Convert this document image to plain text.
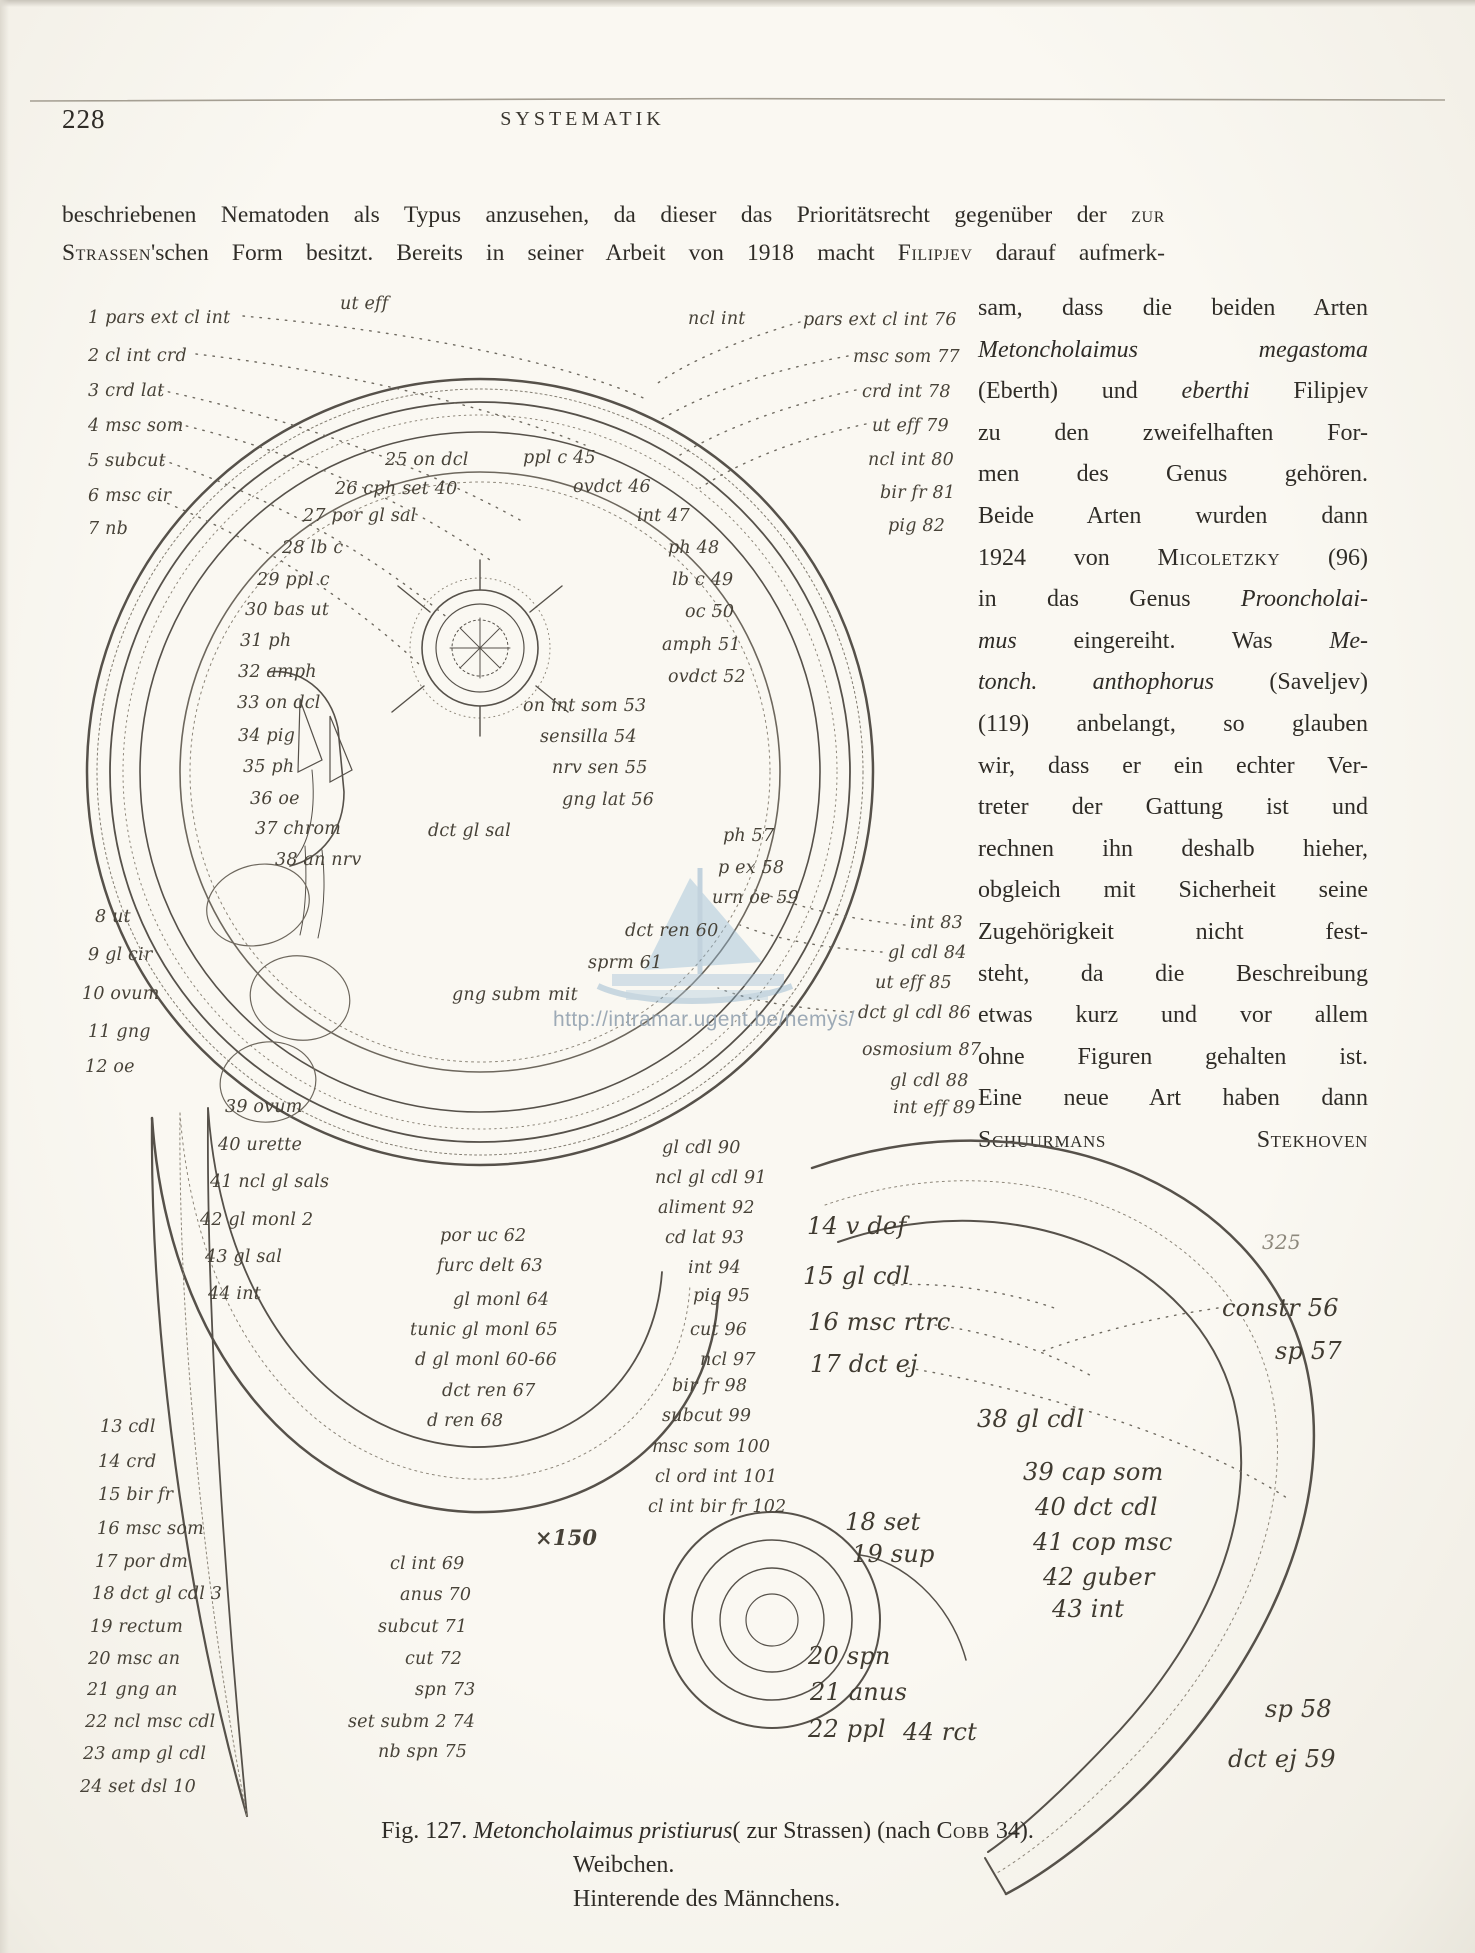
228	SYSTEMATIK
beschriebenen Nematoden als Typus anzusehen, da dieser das Prioritätsrecht gegenüber der zur
Strassen'schen Form besitzt. Bereits in seiner Arbeit von 1918 macht Filipjev darauf aufmerk-
sam, dass die beiden Arten
Metoncholaimus megastoma
(Eberth) und eberthi Filipjev
zu den zweifelhaften For-
men des Genus gehören.
Beide Arten wurden dann
1924 von Micoletzky (96)
in das Genus Prooncholai-
mus eingereiht. Was Me-
tonch. anthophorus (Saveljev)
(119) anbelangt, so glauben
wir, dass er ein echter Ver-
treter der Gattung ist und
rechnen ihn deshalb hieher,
obgleich mit Sicherheit seine
Zugehörigkeit nicht fest-
steht, da die Beschreibung
etwas kurz und vor allem
ohne Figuren gehalten ist.
Eine neue Art haben dann
Schuurmans Stekhoven
1 pars ext cl int
2 cl int crd
3 crd lat
4 msc som
5 subcut
6 msc cir
7 nb
ut eff
ncl int	pars ext cl int 76
msc som 77
crd int 78
ut eff 79
ncl int 80
bir fr 81
pig 82
25 on dcl
26 cph set 40
27 por gl sal
28 lb c
29 ppl c
30 bas ut
31 ph
32 amph
33 on dcl
34 pig
35 ph
36 oe
37 chrom
38 an nrv
ppl c 45
ovdct 46
int 47
ph 48
lb c 49
oc 50
amph 51
ovdct 52
on int som 53
sensilla 54
nrv sen 55
gng lat 56
dct gl sal	ph 57
p ex 58
urn oe 59
dct ren 60
sprm 61
gng subm mit
8 ut
9 gl cir
10 ovum
11 gng
12 oe
int 83
gl cdl 84
ut eff 85
dct gl cdl 86
osmosium 87
gl cdl 88
int eff 89
39 ovum
40 urette
41 ncl gl sals
42 gl monl 2
43 gl sal
44 int
gl cdl 90
ncl gl cdl 91
aliment 92
cd lat 93
int 94
pig 95
cut 96
ncl 97
bir fr 98
subcut 99
msc som 100
cl ord int 101
cl int bir fr 102
×150
por uc 62
furc delt 63
gl monl 64
tunic gl monl 65
d gl monl 60-66
dct ren 67
d ren 68
13 cdl
14 crd
15 bir fr
16 msc som
17 por dm
18 dct gl cdl 3
19 rectum
20 msc an
21 gng an
22 ncl msc cdl
23 amp gl cdl
24 set dsl 10
cl int 69
anus 70
subcut 71
cut 72
spn 73
set subm 2 74
nb spn 75
14 v def
15 gl cdl
16 msc rtrc
17 dct ej
38 gl cdl
39 cap som
40 dct cdl
41 cop msc
42 guber
43 int
18 set
19 sup
20 spn
21 anus
22 ppl 44 rct
constr 56
sp 57
sp 58
dct ej 59
325
http://intramar.ugent.be/nemys/
Fig. 127. Metoncholaimus pristiurus( zur Strassen) (nach Cobb 34).
Weibchen.
Hinterende des Männchens.
